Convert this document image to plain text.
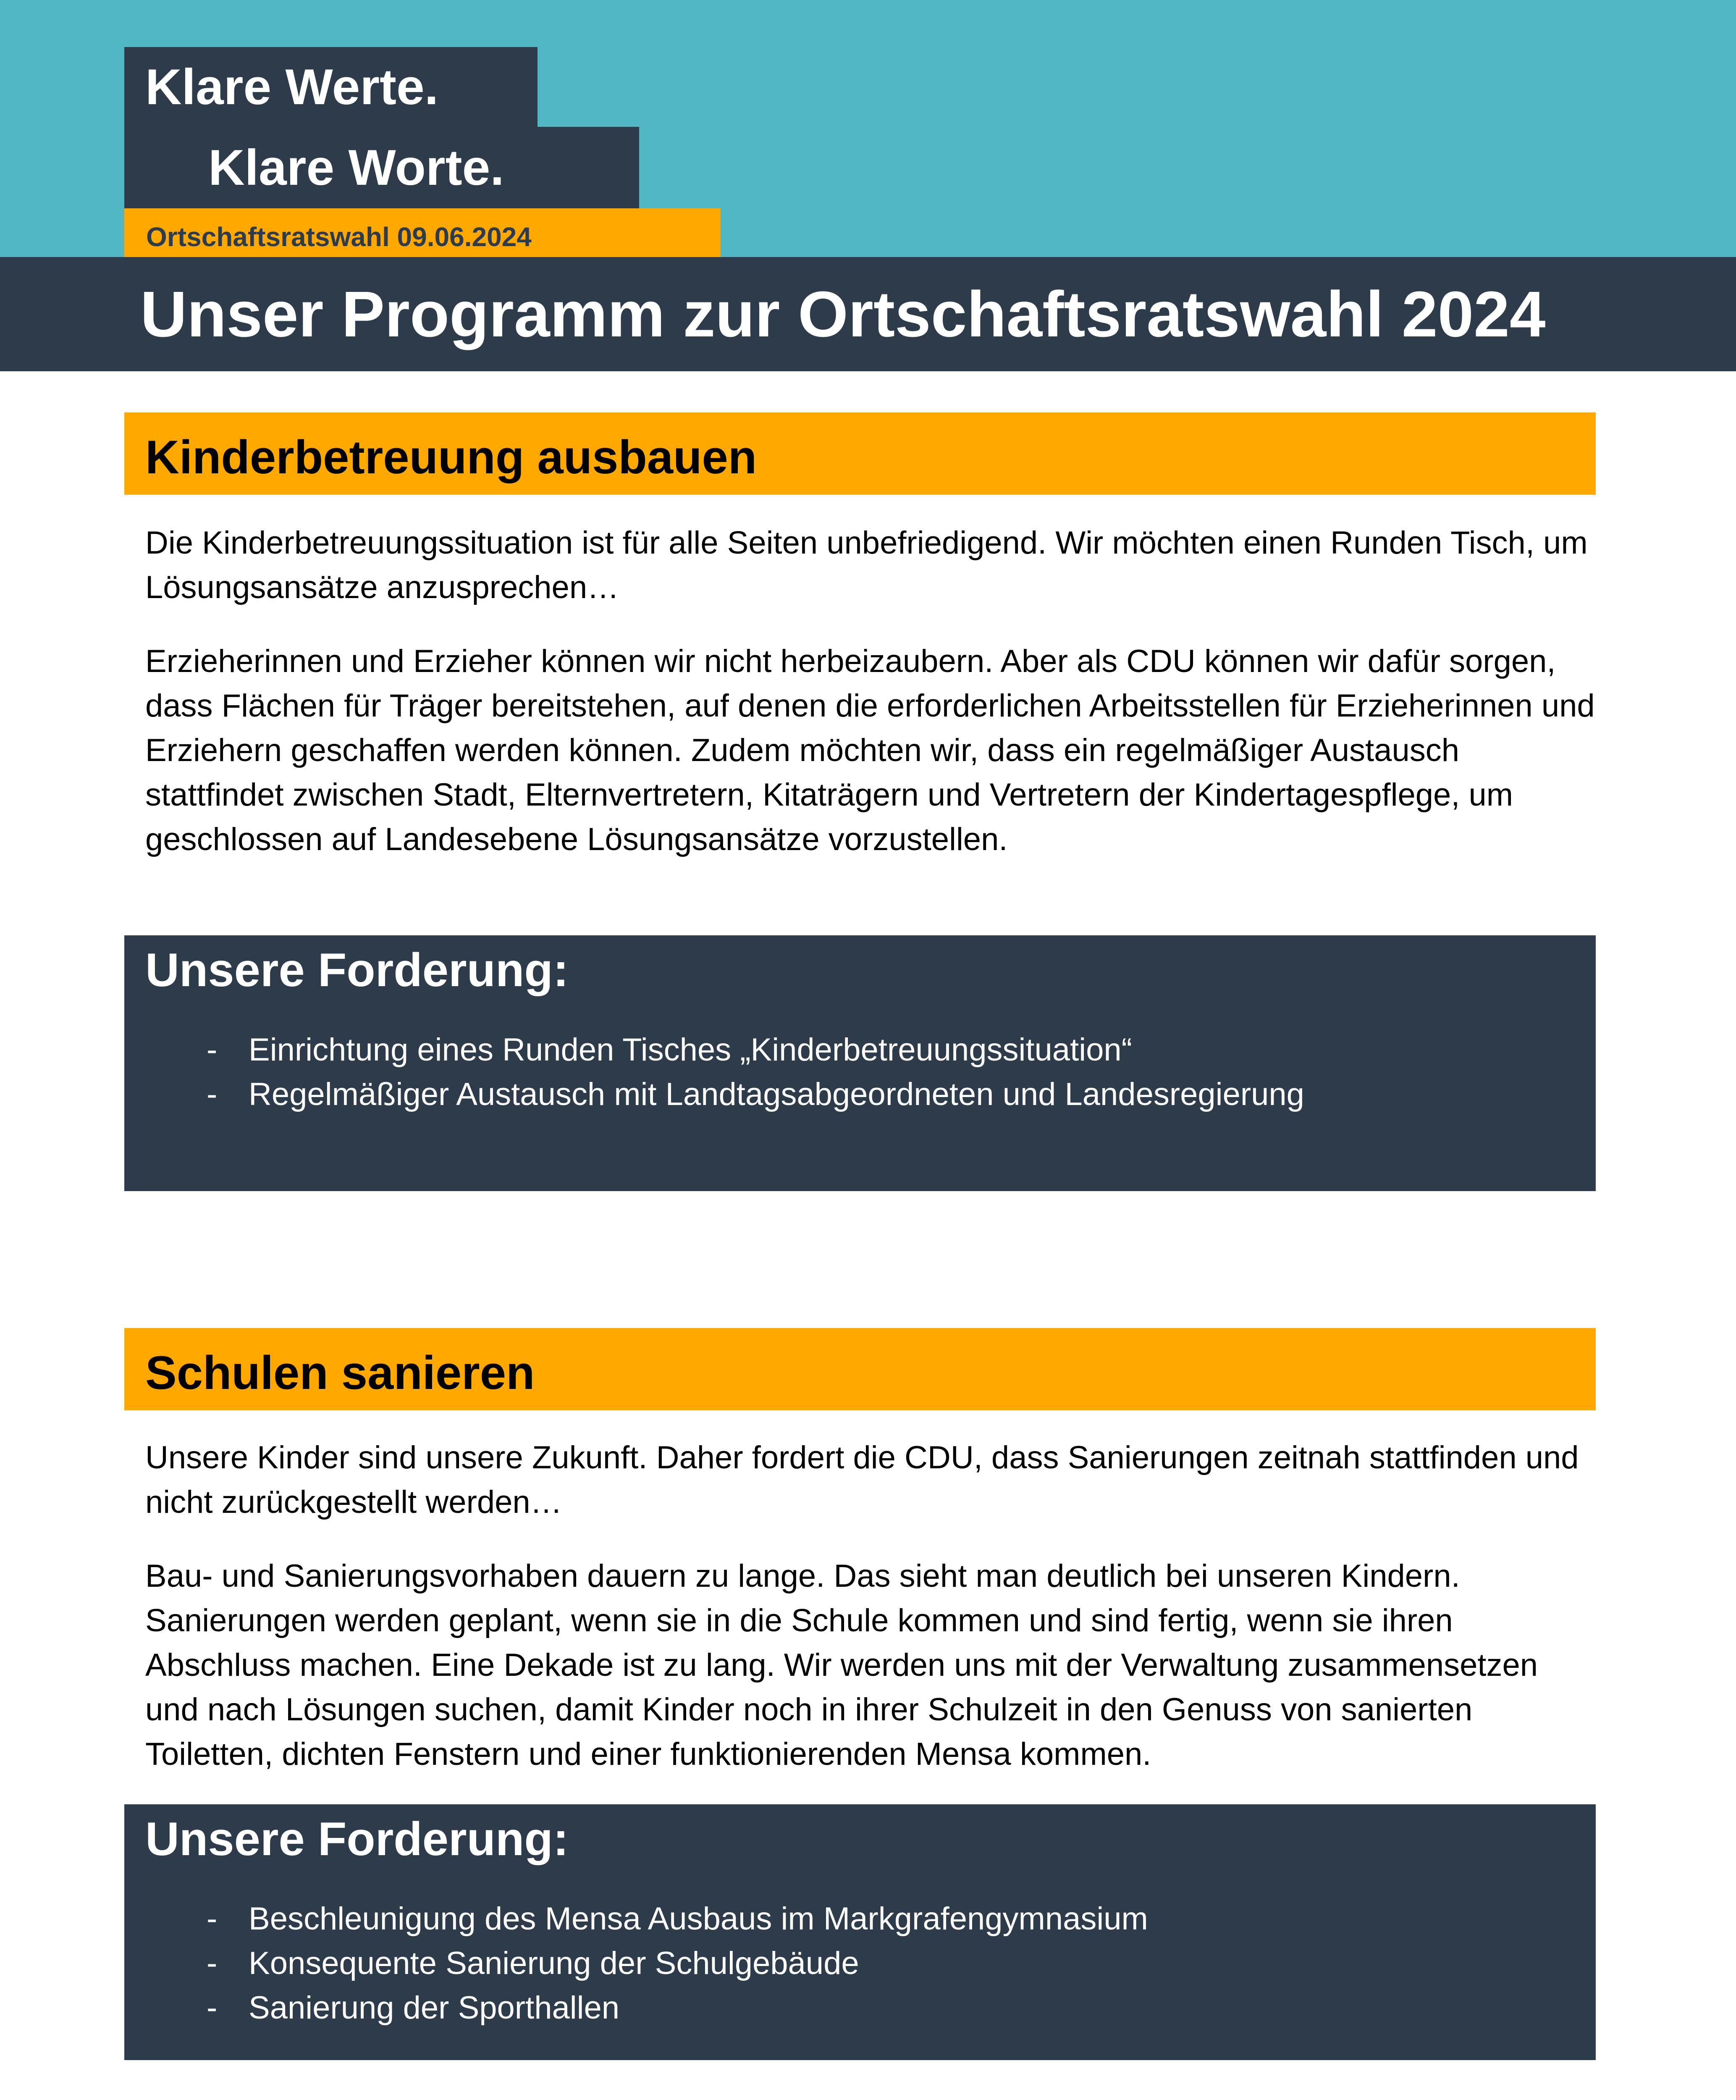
Klare Werte.
Klare Worte.
Ortschaftsratswahl 09.06.2024
Unser Programm zur Ortschaftsratswahl 2024
Kinderbetreuung ausbauen

Die Kinderbetreuungssituation ist für alle Seiten unbefriedigend. Wir möchten einen Runden Tisch, um Lösungsansätze anzusprechen…

Erzieherinnen und Erzieher können wir nicht herbeizaubern. Aber als CDU können wir dafür sorgen, dass Flächen für Träger bereitstehen, auf denen die erforderlichen Arbeitsstellen für Erzieherinnen und Erziehern geschaffen werden können. Zudem möchten wir, dass ein regelmäßiger Austausch stattfindet zwischen Stadt, Elternvertretern, Kitaträgern und Vertretern der Kindertagespflege, um geschlossen auf Landesebene Lösungsansätze vorzustellen.

Unsere Forderung:
- Einrichtung eines Runden Tisches „Kinderbetreuungssituation“
- Regelmäßiger Austausch mit Landtagsabgeordneten und Landesregierung
Schulen sanieren

Unsere Kinder sind unsere Zukunft. Daher fordert die CDU, dass Sanierungen zeitnah stattfinden und nicht zurückgestellt werden…

Bau- und Sanierungsvorhaben dauern zu lange. Das sieht man deutlich bei unseren Kindern. Sanierungen werden geplant, wenn sie in die Schule kommen und sind fertig, wenn sie ihren Abschluss machen. Eine Dekade ist zu lang. Wir werden uns mit der Verwaltung zusammensetzen und nach Lösungen suchen, damit Kinder noch in ihrer Schulzeit in den Genuss von sanierten Toiletten, dichten Fenstern und einer funktionierenden Mensa kommen.

Unsere Forderung:
- Beschleunigung des Mensa Ausbaus im Markgrafengymnasium
- Konsequente Sanierung der Schulgebäude
- Sanierung der Sporthallen
